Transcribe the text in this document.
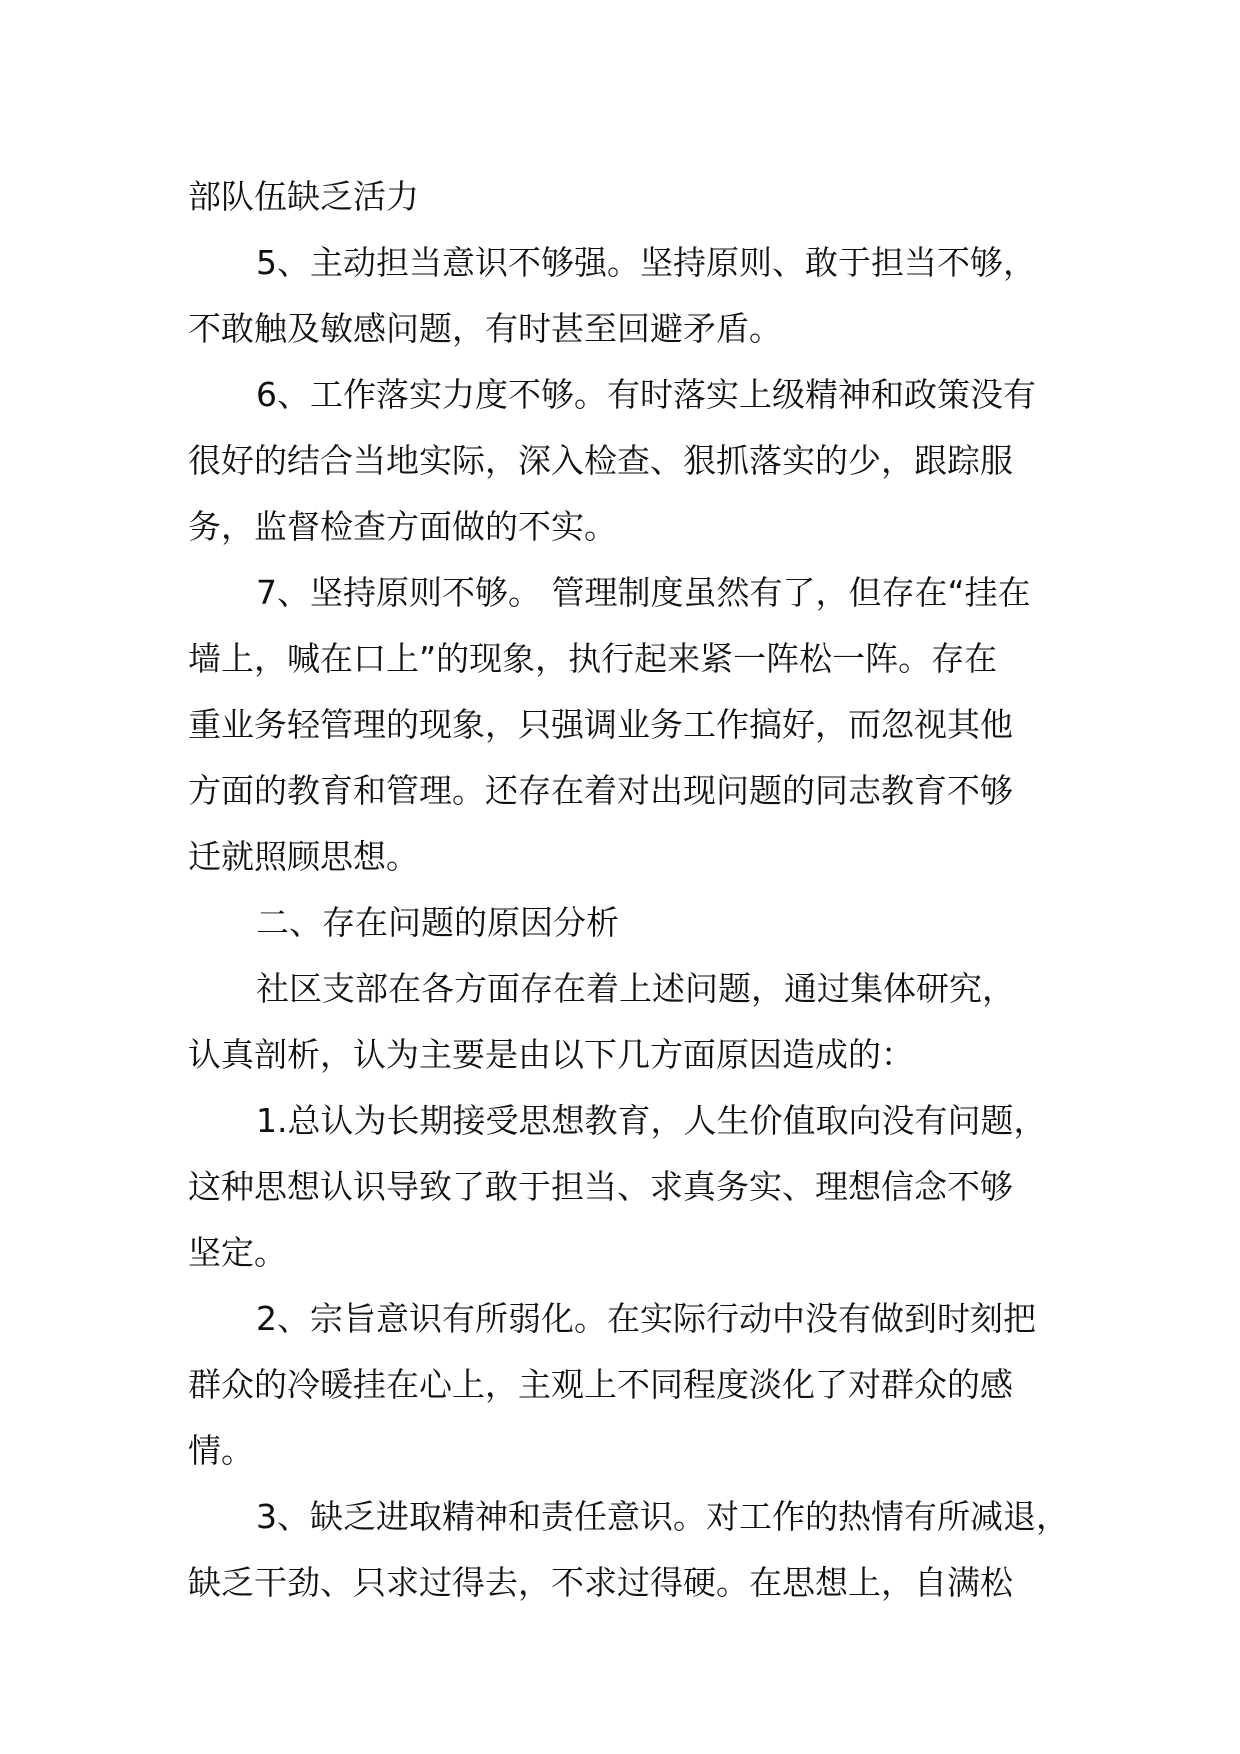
部队伍缺乏活力
5、主动担当意识不够强。坚持原则、敢于担当不够，
不敢触及敏感问题，有时甚至回避矛盾。
6、工作落实力度不够。有时落实上级精神和政策没有
很好的结合当地实际，深入检查、狠抓落实的少，跟踪服
务，监督检查方面做的不实。
7、坚持原则不够。 管理制度虽然有了，但存在“挂在
墙上，喊在口上”的现象，执行起来紧一阵松一阵。存在
重业务轻管理的现象，只强调业务工作搞好，而忽视其他
方面的教育和管理。还存在着对出现问题的同志教育不够
迁就照顾思想。
二、存在问题的原因分析
社区支部在各方面存在着上述问题，通过集体研究，
认真剖析，认为主要是由以下几方面原因造成的：
1.总认为长期接受思想教育，人生价值取向没有问题，
这种思想认识导致了敢于担当、求真务实、理想信念不够
坚定。
2、宗旨意识有所弱化。在实际行动中没有做到时刻把
群众的冷暖挂在心上，主观上不同程度淡化了对群众的感
情。
3、缺乏进取精神和责任意识。对工作的热情有所减退，
缺乏干劲、只求过得去，不求过得硬。在思想上，自满松
